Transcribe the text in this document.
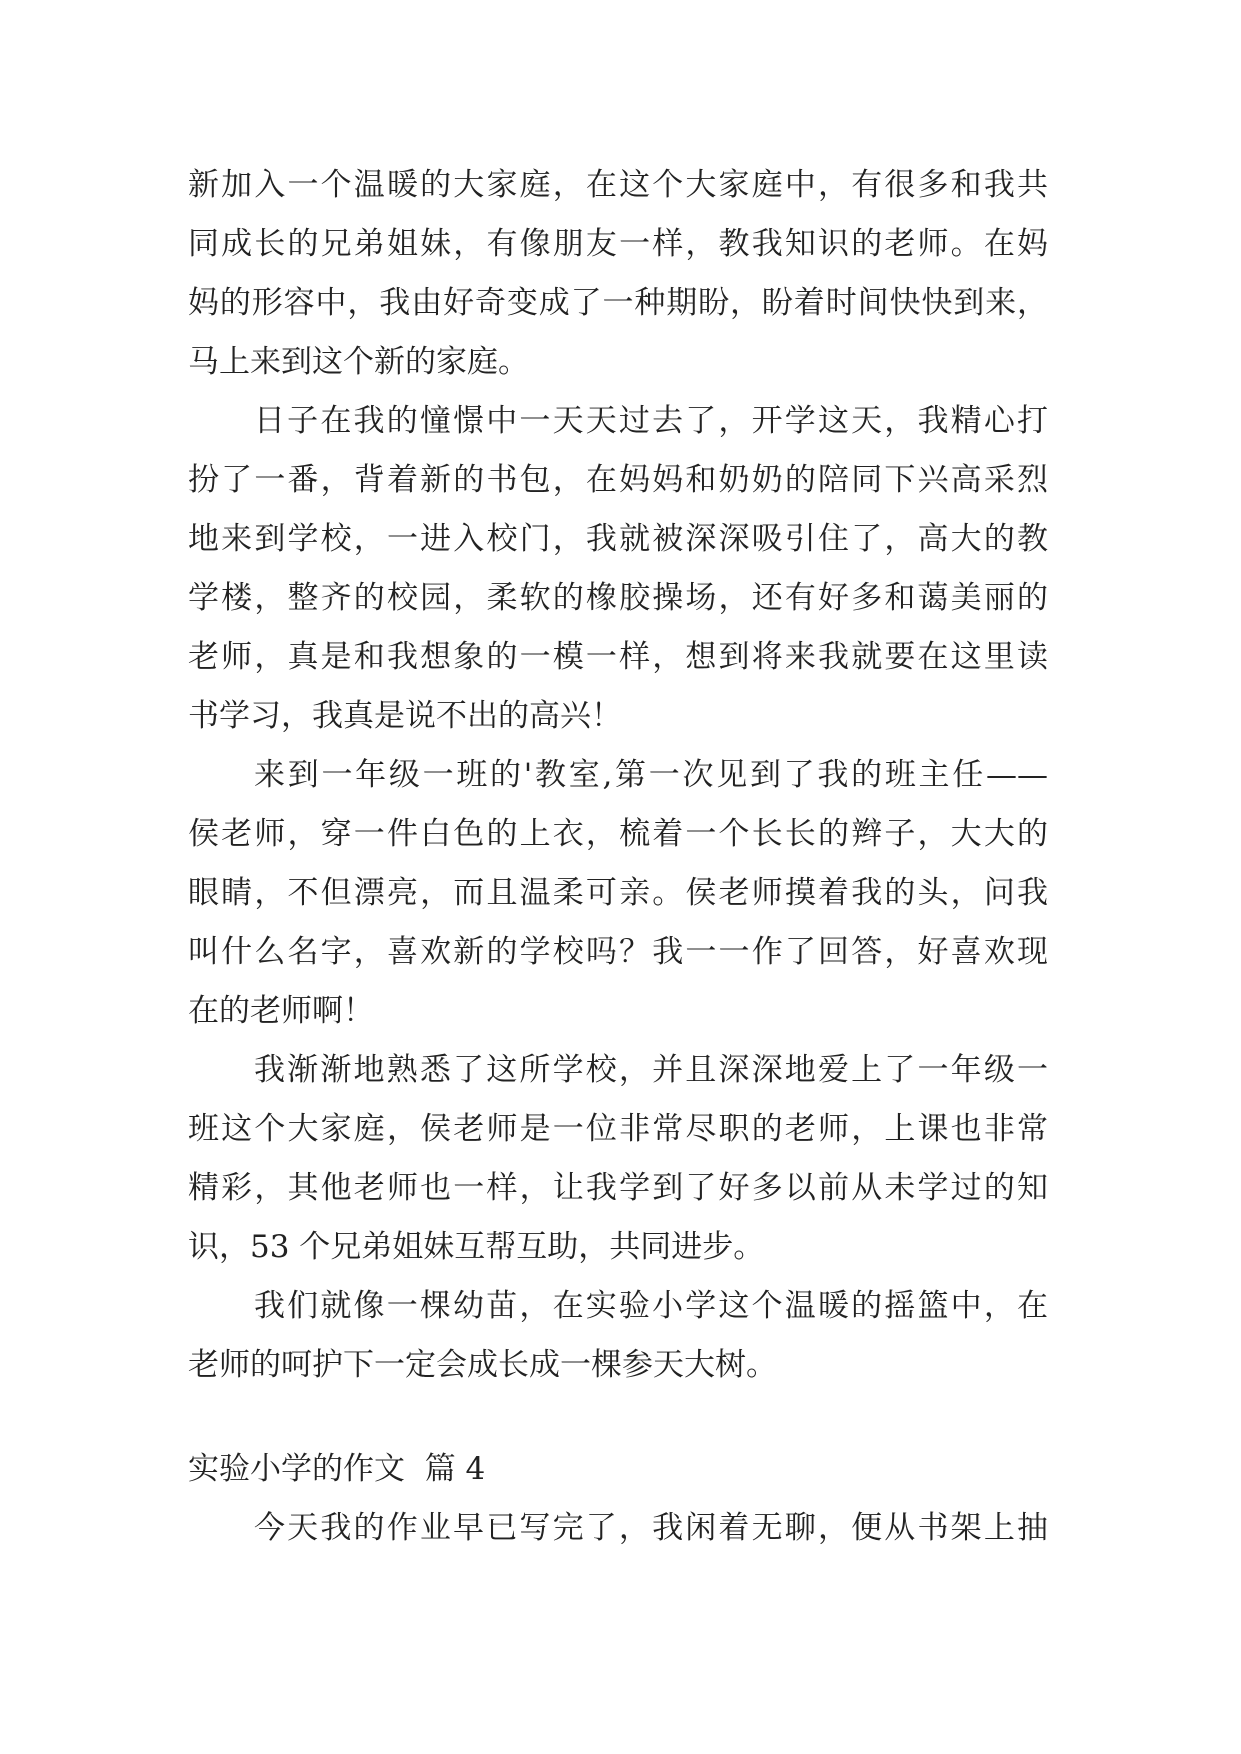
新加入一个温暖的大家庭，在这个大家庭中，有很多和我共
同成长的兄弟姐妹，有像朋友一样，教我知识的老师。在妈
妈的形容中，我由好奇变成了一种期盼，盼着时间快快到来，
马上来到这个新的家庭。
日子在我的憧憬中一天天过去了，开学这天，我精心打
扮了一番，背着新的书包，在妈妈和奶奶的陪同下兴高采烈
地来到学校，一进入校门，我就被深深吸引住了，高大的教
学楼，整齐的校园，柔软的橡胶操场，还有好多和蔼美丽的
老师，真是和我想象的一模一样，想到将来我就要在这里读
书学习，我真是说不出的高兴！
来到一年级一班的'教室,第一次见到了我的班主任——
侯老师，穿一件白色的上衣，梳着一个长长的辫子，大大的
眼睛，不但漂亮，而且温柔可亲。侯老师摸着我的头，问我
叫什么名字，喜欢新的学校吗？我一一作了回答，好喜欢现
在的老师啊！
我渐渐地熟悉了这所学校，并且深深地爱上了一年级一
班这个大家庭，侯老师是一位非常尽职的老师，上课也非常
精彩，其他老师也一样，让我学到了好多以前从未学过的知
识，53 个兄弟姐妹互帮互助，共同进步。
我们就像一棵幼苗，在实验小学这个温暖的摇篮中，在
老师的呵护下一定会成长成一棵参天大树。
实验小学的作文  篇 4
今天我的作业早已写完了，我闲着无聊，便从书架上抽
